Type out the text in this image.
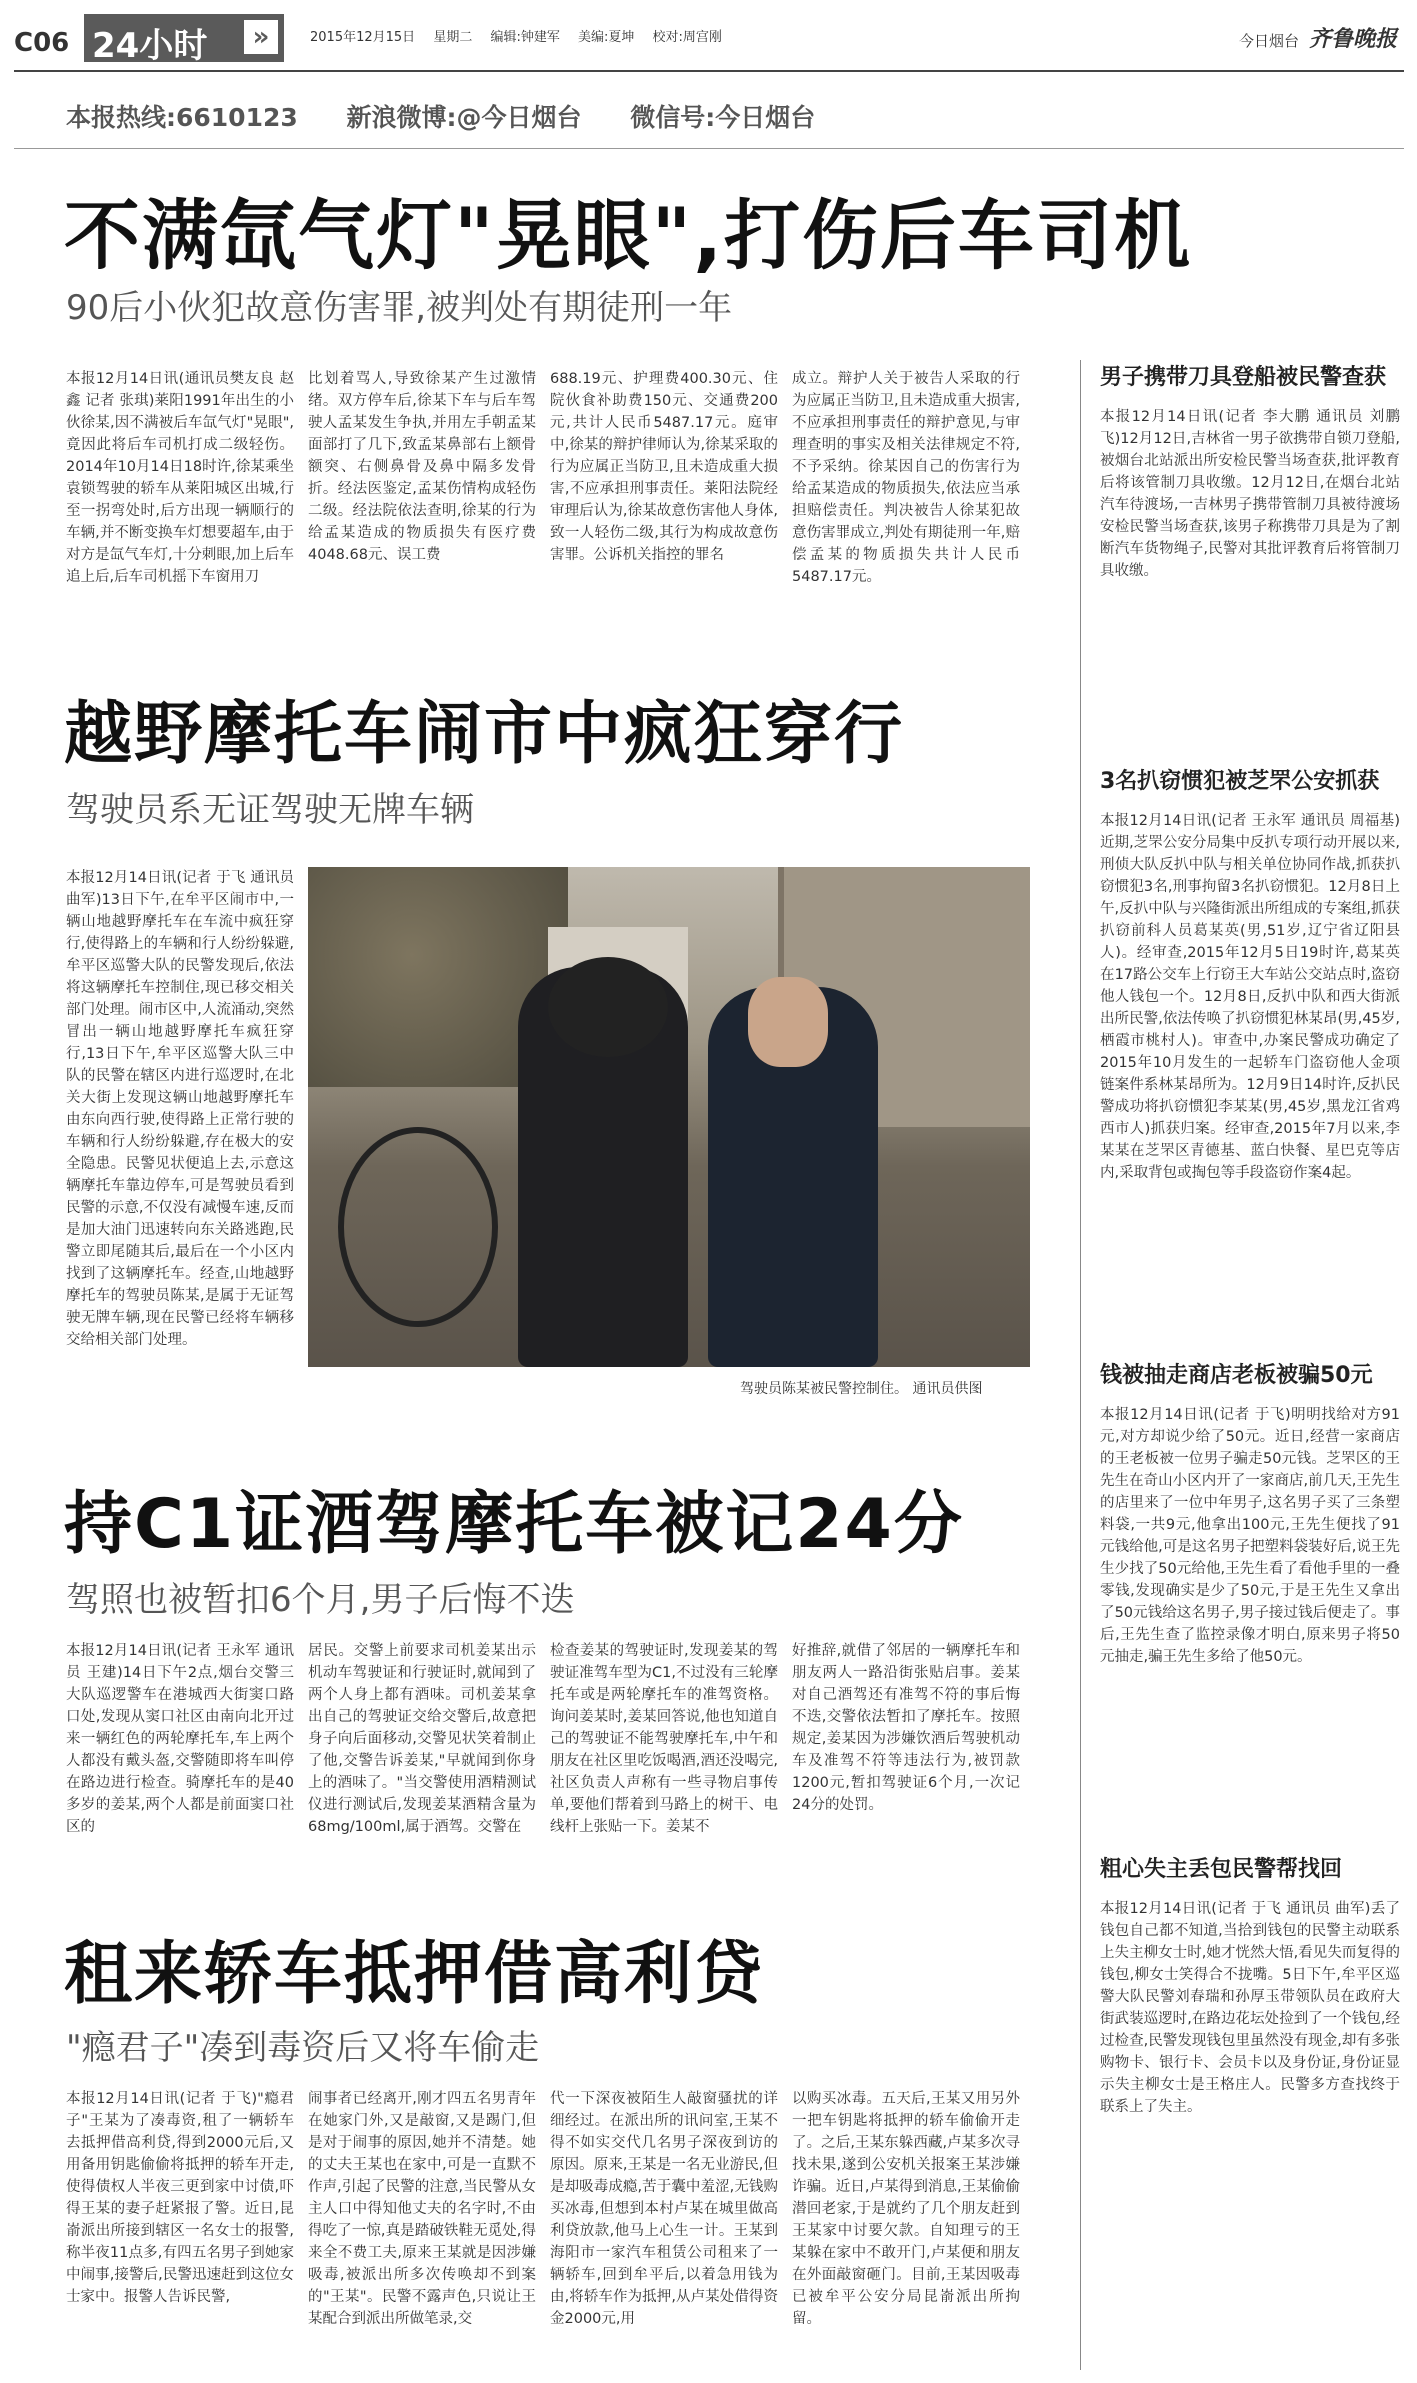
C06 24小时	»	2015年12月15日 星期二 编辑:钟建军 美编:夏坤 校对:周宫刚	今日烟台 齐鲁晚报
本报热线:6610123 新浪微博:@今日烟台 微信号:今日烟台
不满氙气灯"晃眼",打伤后车司机
90后小伙犯故意伤害罪,被判处有期徒刑一年
本报12月14日讯(通讯员樊友良 赵鑫 记者 张琪)莱阳1991年出生的小伙徐某,因不满被后车氙气灯"晃眼",竟因此将后车司机打成二级轻伤。2014年10月14日18时许,徐某乘坐袁锁驾驶的轿车从莱阳城区出城,行至一拐弯处时,后方出现一辆顺行的车辆,并不断变换车灯想要超车,由于对方是氙气车灯,十分刺眼,加上后车追上后,后车司机摇下车窗用刀
比划着骂人,导致徐某产生过激情绪。双方停车后,徐某下车与后车驾驶人孟某发生争执,并用左手朝孟某面部打了几下,致孟某鼻部右上额骨额突、右侧鼻骨及鼻中隔多发骨折。经法医鉴定,孟某伤情构成轻伤二级。经法院依法查明,徐某的行为给孟某造成的物质损失有医疗费4048.68元、误工费
688.19元、护理费400.30元、住院伙食补助费150元、交通费200元,共计人民币5487.17元。庭审中,徐某的辩护律师认为,徐某采取的行为应属正当防卫,且未造成重大损害,不应承担刑事责任。莱阳法院经审理后认为,徐某故意伤害他人身体,致一人轻伤二级,其行为构成故意伤害罪。公诉机关指控的罪名
成立。辩护人关于被告人采取的行为应属正当防卫,且未造成重大损害,不应承担刑事责任的辩护意见,与审理查明的事实及相关法律规定不符,不予采纳。徐某因自己的伤害行为给孟某造成的物质损失,依法应当承担赔偿责任。判决被告人徐某犯故意伤害罪成立,判处有期徒刑一年,赔偿孟某的物质损失共计人民币5487.17元。
越野摩托车闹市中疯狂穿行
驾驶员系无证驾驶无牌车辆
本报12月14日讯(记者 于飞 通讯员 曲军)13日下午,在牟平区闹市中,一辆山地越野摩托车在车流中疯狂穿行,使得路上的车辆和行人纷纷躲避,牟平区巡警大队的民警发现后,依法将这辆摩托车控制住,现已移交相关部门处理。闹市区中,人流涌动,突然冒出一辆山地越野摩托车疯狂穿行,13日下午,牟平区巡警大队三中队的民警在辖区内进行巡逻时,在北关大街上发现这辆山地越野摩托车由东向西行驶,使得路上正常行驶的车辆和行人纷纷躲避,存在极大的安全隐患。民警见状便追上去,示意这辆摩托车靠边停车,可是驾驶员看到民警的示意,不仅没有减慢车速,反而是加大油门迅速转向东关路逃跑,民警立即尾随其后,最后在一个小区内找到了这辆摩托车。经查,山地越野摩托车的驾驶员陈某,是属于无证驾驶无牌车辆,现在民警已经将车辆移交给相关部门处理。
驾驶员陈某被民警控制住。 通讯员供图
持C1证酒驾摩托车被记24分
驾照也被暂扣6个月,男子后悔不迭
本报12月14日讯(记者 王永军 通讯员 王建)14日下午2点,烟台交警三大队巡逻警车在港城西大街窦口路口处,发现从窦口社区由南向北开过来一辆红色的两轮摩托车,车上两个人都没有戴头盔,交警随即将车叫停在路边进行检查。骑摩托车的是40多岁的姜某,两个人都是前面窦口社区的
居民。交警上前要求司机姜某出示机动车驾驶证和行驶证时,就闻到了两个人身上都有酒味。司机姜某拿出自己的驾驶证交给交警后,故意把身子向后面移动,交警见状笑着制止了他,交警告诉姜某,"早就闻到你身上的酒味了。"当交警使用酒精测试仪进行测试后,发现姜某酒精含量为68mg/100ml,属于酒驾。交警在
检查姜某的驾驶证时,发现姜某的驾驶证准驾车型为C1,不过没有三轮摩托车或是两轮摩托车的准驾资格。询问姜某时,姜某回答说,他也知道自己的驾驶证不能驾驶摩托车,中午和朋友在社区里吃饭喝酒,酒还没喝完,社区负责人声称有一些寻物启事传单,要他们帮着到马路上的树干、电线杆上张贴一下。姜某不
好推辞,就借了邻居的一辆摩托车和朋友两人一路沿街张贴启事。姜某对自己酒驾还有准驾不符的事后悔不迭,交警依法暂扣了摩托车。按照规定,姜某因为涉嫌饮酒后驾驶机动车及准驾不符等违法行为,被罚款1200元,暂扣驾驶证6个月,一次记24分的处罚。
租来轿车抵押借高利贷
"瘾君子"凑到毒资后又将车偷走
本报12月14日讯(记者 于飞)"瘾君子"王某为了凑毒资,租了一辆轿车去抵押借高利贷,得到2000元后,又用备用钥匙偷偷将抵押的轿车开走,使得债权人半夜三更到家中讨债,吓得王某的妻子赶紧报了警。近日,昆嵛派出所接到辖区一名女士的报警,称半夜11点多,有四五名男子到她家中闹事,接警后,民警迅速赶到这位女士家中。报警人告诉民警,
闹事者已经离开,刚才四五名男青年在她家门外,又是敲窗,又是踢门,但是对于闹事的原因,她并不清楚。她的丈夫王某也在家中,可是一直默不作声,引起了民警的注意,当民警从女主人口中得知他丈夫的名字时,不由得吃了一惊,真是踏破铁鞋无觅处,得来全不费工夫,原来王某就是因涉嫌吸毒,被派出所多次传唤却不到案的"王某"。民警不露声色,只说让王某配合到派出所做笔录,交
代一下深夜被陌生人敲窗骚扰的详细经过。在派出所的讯问室,王某不得不如实交代几名男子深夜到访的原因。原来,王某是一名无业游民,但是却吸毒成瘾,苦于囊中羞涩,无钱购买冰毒,但想到本村卢某在城里做高利贷放款,他马上心生一计。王某到海阳市一家汽车租赁公司租来了一辆轿车,回到牟平后,以着急用钱为由,将轿车作为抵押,从卢某处借得资金2000元,用
以购买冰毒。五天后,王某又用另外一把车钥匙将抵押的轿车偷偷开走了。之后,王某东躲西藏,卢某多次寻找未果,遂到公安机关报案王某涉嫌诈骗。近日,卢某得到消息,王某偷偷潜回老家,于是就约了几个朋友赶到王某家中讨要欠款。自知理亏的王某躲在家中不敢开门,卢某便和朋友在外面敲窗砸门。目前,王某因吸毒已被牟平公安分局昆嵛派出所拘留。
男子携带刀具登船被民警查获
本报12月14日讯(记者 李大鹏 通讯员 刘鹏飞)12月12日,吉林省一男子欲携带自锁刀登船,被烟台北站派出所安检民警当场查获,批评教育后将该管制刀具收缴。12月12日,在烟台北站汽车待渡场,一吉林男子携带管制刀具被待渡场安检民警当场查获,该男子称携带刀具是为了割断汽车货物绳子,民警对其批评教育后将管制刀具收缴。
3名扒窃惯犯被芝罘公安抓获
本报12月14日讯(记者 王永军 通讯员 周福基)近期,芝罘公安分局集中反扒专项行动开展以来,刑侦大队反扒中队与相关单位协同作战,抓获扒窃惯犯3名,刑事拘留3名扒窃惯犯。12月8日上午,反扒中队与兴隆街派出所组成的专案组,抓获扒窃前科人员葛某英(男,51岁,辽宁省辽阳县人)。经审查,2015年12月5日19时许,葛某英在17路公交车上行窃王大车站公交站点时,盗窃他人钱包一个。12月8日,反扒中队和西大街派出所民警,依法传唤了扒窃惯犯林某昂(男,45岁,栖霞市桃村人)。审查中,办案民警成功确定了2015年10月发生的一起轿车门盗窃他人金项链案件系林某昂所为。12月9日14时许,反扒民警成功将扒窃惯犯李某某(男,45岁,黑龙江省鸡西市人)抓获归案。经审查,2015年7月以来,李某某在芝罘区青德基、蓝白快餐、星巴克等店内,采取背包或掏包等手段盗窃作案4起。
钱被抽走商店老板被骗50元
本报12月14日讯(记者 于飞)明明找给对方91元,对方却说少给了50元。近日,经营一家商店的王老板被一位男子骗走50元钱。芝罘区的王先生在奇山小区内开了一家商店,前几天,王先生的店里来了一位中年男子,这名男子买了三条塑料袋,一共9元,他拿出100元,王先生便找了91元钱给他,可是这名男子把塑料袋装好后,说王先生少找了50元给他,王先生看了看他手里的一叠零钱,发现确实是少了50元,于是王先生又拿出了50元钱给这名男子,男子接过钱后便走了。事后,王先生查了监控录像才明白,原来男子将50元抽走,骗王先生多给了他50元。
粗心失主丢包民警帮找回
本报12月14日讯(记者 于飞 通讯员 曲军)丢了钱包自己都不知道,当拾到钱包的民警主动联系上失主柳女士时,她才恍然大悟,看见失而复得的钱包,柳女士笑得合不拢嘴。5日下午,牟平区巡警大队民警刘春瑞和孙厚玉带领队员在政府大街武装巡逻时,在路边花坛处捡到了一个钱包,经过检查,民警发现钱包里虽然没有现金,却有多张购物卡、银行卡、会员卡以及身份证,身份证显示失主柳女士是王格庄人。民警多方查找终于联系上了失主。
